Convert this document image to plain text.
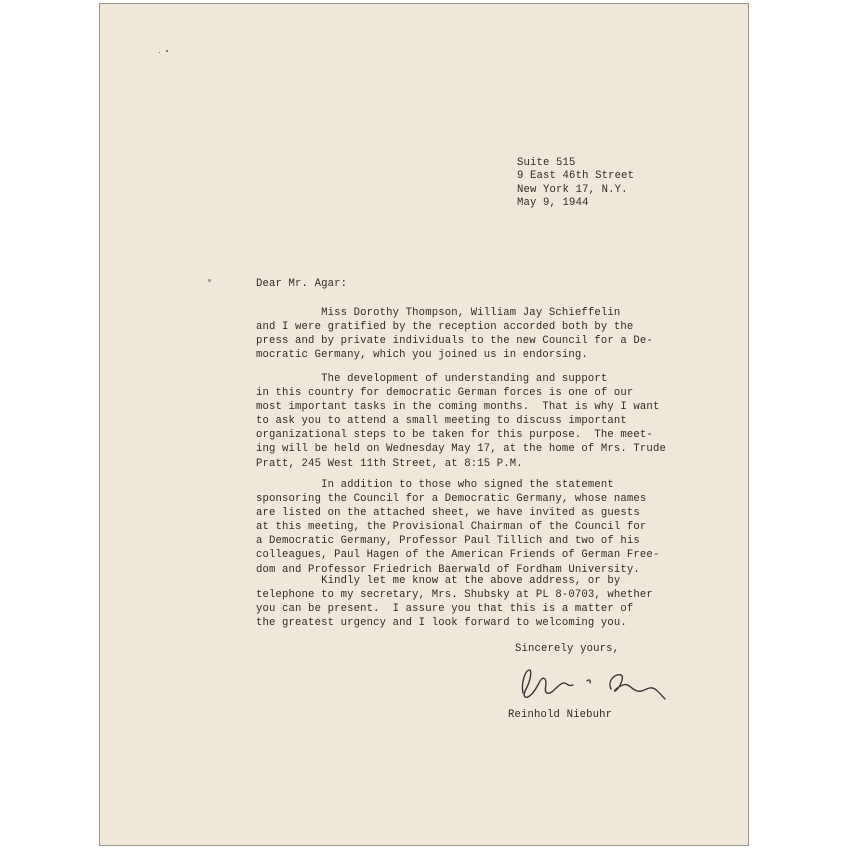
Suite 515
9 East 46th Street
New York 17, N.Y.
May 9, 1944
Dear Mr. Agar:
Miss Dorothy Thompson, William Jay Schieffelin
and I were gratified by the reception accorded both by the
press and by private individuals to the new Council for a De-
mocratic Germany, which you joined us in endorsing.
The development of understanding and support
in this country for democratic German forces is one of our
most important tasks in the coming months.  That is why I want
to ask you to attend a small meeting to discuss important
organizational steps to be taken for this purpose.  The meet-
ing will be held on Wednesday May 17, at the home of Mrs. Trude
Pratt, 245 West 11th Street, at 8:15 P.M.
In addition to those who signed the statement
sponsoring the Council for a Democratic Germany, whose names
are listed on the attached sheet, we have invited as guests
at this meeting, the Provisional Chairman of the Council for
a Democratic Germany, Professor Paul Tillich and two of his
colleagues, Paul Hagen of the American Friends of German Free-
dom and Professor Friedrich Baerwald of Fordham University.
Kindly let me know at the above address, or by
telephone to my secretary, Mrs. Shubsky at PL 8-0703, whether
you can be present.  I assure you that this is a matter of
the greatest urgency and I look forward to welcoming you.
Sincerely yours,
Reinhold Niebuhr
